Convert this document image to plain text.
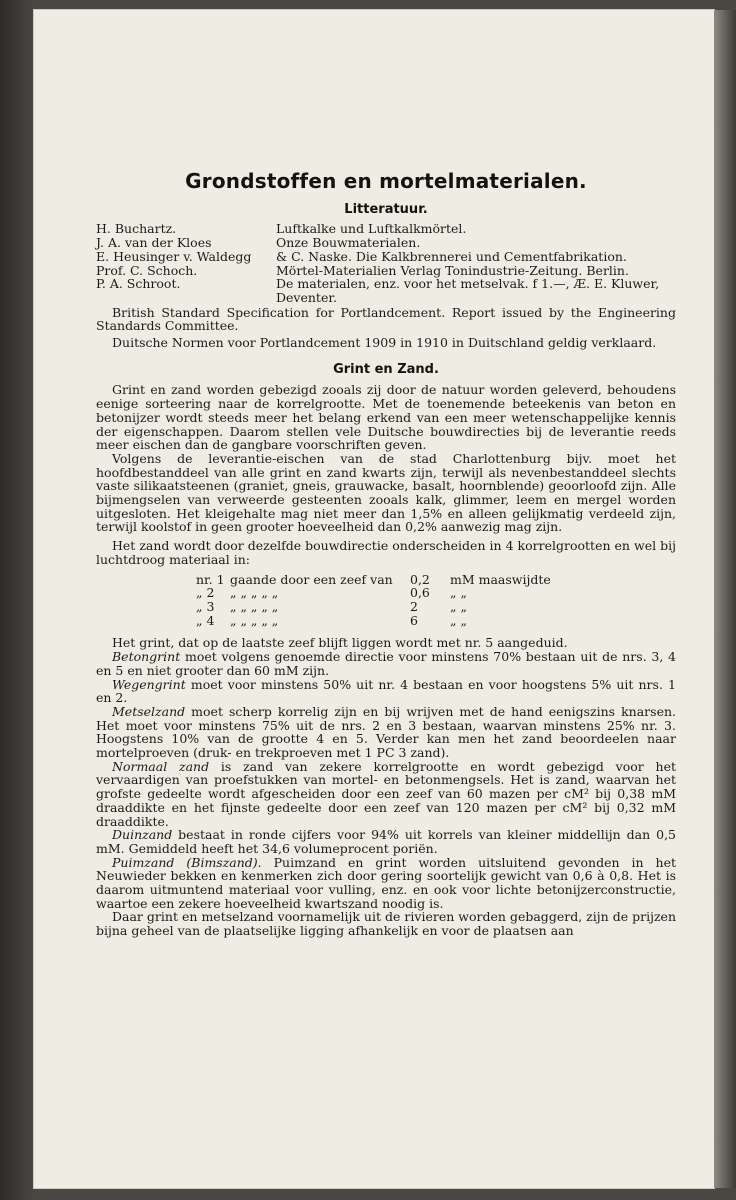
Grondstoffen en mortelmaterialen.
Litteratuur.
H. Buchartz.	Luftkalke und Luftkalkmörtel.
J. A. van der Kloes	Onze Bouwmaterialen.
E. Heusinger v. Waldegg	& C. Naske. Die Kalkbrennerei und Cementfabrikation.
Prof. C. Schoch.	Mörtel-Materialien Verlag Tonindustrie-Zeitung. Berlin.
P. A. Schroot.	De materialen, enz. voor het metselvak. f 1.—, Æ. E. Kluwer, Deventer.

British Standard Specification for Portlandcement. Report issued by the Engineering Standards Committee.

Duitsche Normen voor Portlandcement 1909 in 1910 in Duitschland geldig verklaard.

Grint en Zand.

Grint en zand worden gebezigd zooals zij door de natuur worden geleverd, behoudens eenige sorteering naar de korrelgrootte. Met de toenemende beteekenis van beton en betonijzer wordt steeds meer het belang erkend van een meer wetenschappelijke kennis der eigenschappen. Daarom stellen vele Duitsche bouwdirecties bij de leverantie reeds meer eischen dan de gangbare voorschriften geven.

Volgens de leverantie-eischen van de stad Charlottenburg bijv. moet het hoofdbestanddeel van alle grint en zand kwarts zijn, terwijl als nevenbestanddeel slechts vaste silikaatsteenen (graniet, gneis, grauwacke, basalt, hoornblende) geoorloofd zijn. Alle bijmengselen van verweerde gesteenten zooals kalk, glimmer, leem en mergel worden uitgesloten. Het kleigehalte mag niet meer dan 1,5% en alleen gelijkmatig verdeeld zijn, terwijl koolstof in geen grooter hoeveelheid dan 0,2% aanwezig mag zijn.

Het zand wordt door dezelfde bouwdirectie onderscheiden in 4 korrelgrootten en wel bij luchtdroog materiaal in:

nr. 1 gaande door een zeef van	0,2	mM maaswijdte
„ 2	„ „ „ „ „	0,6	„ „
„ 3	„ „ „ „ „	2	„ „
„ 4	„ „ „ „ „	6	„ „

Het grint, dat op de laatste zeef blijft liggen wordt met nr. 5 aangeduid.

Betongrint moet volgens genoemde directie voor minstens 70% bestaan uit de nrs. 3, 4 en 5 en niet grooter dan 60 mM zijn.

Wegengrint moet voor minstens 50% uit nr. 4 bestaan en voor hoogstens 5% uit nrs. 1 en 2.

Metselzand moet scherp korrelig zijn en bij wrijven met de hand eenigszins knarsen. Het moet voor minstens 75% uit de nrs. 2 en 3 bestaan, waarvan minstens 25% nr. 3. Hoogstens 10% van de grootte 4 en 5. Verder kan men het zand beoordeelen naar mortelproeven (druk- en trekproeven met 1 PC 3 zand).

Normaal zand is zand van zekere korrelgrootte en wordt gebezigd voor het vervaardigen van proefstukken van mortel- en betonmengsels. Het is zand, waarvan het grofste gedeelte wordt afgescheiden door een zeef van 60 mazen per cM² bij 0,38 mM draaddikte en het fijnste gedeelte door een zeef van 120 mazen per cM² bij 0,32 mM draaddikte.

Duinzand bestaat in ronde cijfers voor 94% uit korrels van kleiner middellijn dan 0,5 mM. Gemiddeld heeft het 34,6 volumeprocent poriën.

Puimzand (Bimszand). Puimzand en grint worden uitsluitend gevonden in het Neuwieder bekken en kenmerken zich door gering soortelijk gewicht van 0,6 à 0,8. Het is daarom uitmuntend materiaal voor vulling, enz. en ook voor lichte betonijzerconstructie, waartoe een zekere hoeveelheid kwartszand noodig is.

Daar grint en metselzand voornamelijk uit de rivieren worden gebaggerd, zijn de prijzen bijna geheel van de plaatselijke ligging afhankelijk en voor de plaatsen aan
